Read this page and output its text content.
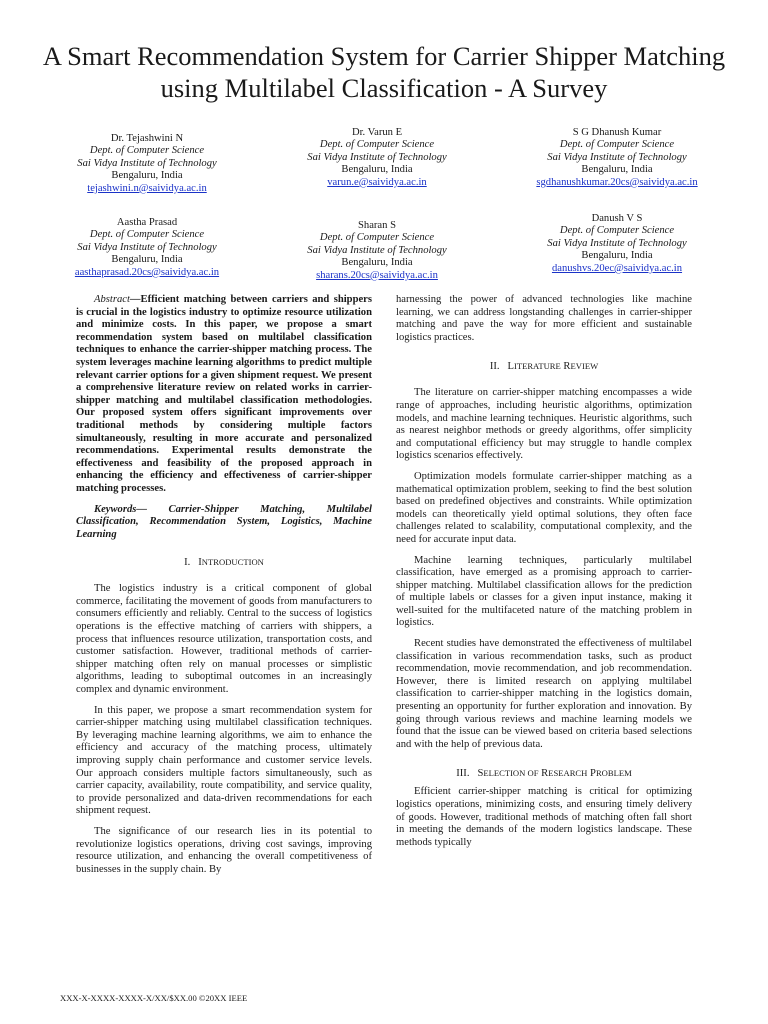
A Smart Recommendation System for Carrier Shipper Matching using Multilabel Classification - A Survey
Dr. Tejashwini N
Dept. of Computer Science
Sai Vidya Institute of Technology
Bengaluru, India
tejashwini.n@saividya.ac.in
Dr. Varun E
Dept. of Computer Science
Sai Vidya Institute of Technology
Bengaluru, India
varun.e@saividya.ac.in
S G Dhanush Kumar
Dept. of Computer Science
Sai Vidya Institute of Technology
Bengaluru, India
sgdhanushkumar.20cs@saividya.ac.in
Aastha Prasad
Dept. of Computer Science
Sai Vidya Institute of Technology
Bengaluru, India
aasthaprasad.20cs@saividya.ac.in
Sharan S
Dept. of Computer Science
Sai Vidya Institute of Technology
Bengaluru, India
sharans.20cs@saividya.ac.in
Danush V S
Dept. of Computer Science
Sai Vidya Institute of Technology
Bengaluru, India
danushvs.20ec@saividya.ac.in

Abstract—Efficient matching between carriers and shippers is crucial in the logistics industry to optimize resource utilization and minimize costs. In this paper, we propose a smart recommendation system based on multilabel classification techniques to enhance the carrier-shipper matching process. The system leverages machine learning algorithms to predict multiple relevant carrier options for a given shipment request. We present a comprehensive literature review on related works in carrier-shipper matching and multilabel classification methodologies. Our proposed system offers significant improvements over traditional methods by considering multiple factors simultaneously, resulting in more accurate and personalized recommendations. Experimental results demonstrate the effectiveness and feasibility of the proposed approach in enhancing the efficiency and effectiveness of carrier-shipper matching processes.

Keywords— Carrier-Shipper Matching, Multilabel Classification, Recommendation System, Logistics, Machine Learning

I. INTRODUCTION

The logistics industry is a critical component of global commerce, facilitating the movement of goods from manufacturers to consumers efficiently and reliably. Central to the success of logistics operations is the effective matching of carriers with shippers, a process that influences resource utilization, transportation costs, and customer satisfaction. However, traditional methods of carrier-shipper matching often rely on manual processes or simplistic algorithms, leading to suboptimal outcomes in an increasingly complex and dynamic environment.

In this paper, we propose a smart recommendation system for carrier-shipper matching using multilabel classification techniques. By leveraging machine learning algorithms, we aim to enhance the efficiency and accuracy of the matching process, ultimately improving supply chain performance and customer service levels. Our approach considers multiple factors simultaneously, such as carrier capacity, availability, route compatibility, and service quality, to provide personalized and data-driven recommendations for each shipment request.

The significance of our research lies in its potential to revolutionize logistics operations, driving cost savings, improving resource utilization, and enhancing the overall competitiveness of businesses in the supply chain. By

harnessing the power of advanced technologies like machine learning, we can address longstanding challenges in carrier-shipper matching and pave the way for more efficient and sustainable logistics practices.

II. LITERATURE REVIEW

The literature on carrier-shipper matching encompasses a wide range of approaches, including heuristic algorithms, optimization models, and machine learning techniques. Heuristic algorithms, such as nearest neighbor methods or greedy algorithms, offer simplicity and computational efficiency but may struggle to handle complex logistics scenarios effectively.

Optimization models formulate carrier-shipper matching as a mathematical optimization problem, seeking to find the best solution based on predefined objectives and constraints. While optimization models can theoretically yield optimal solutions, they often face challenges related to scalability, computational complexity, and the need for accurate input data.

Machine learning techniques, particularly multilabel classification, have emerged as a promising approach to carrier-shipper matching. Multilabel classification allows for the prediction of multiple labels or classes for a given input instance, making it well-suited for the multifaceted nature of the matching problem in logistics.

Recent studies have demonstrated the effectiveness of multilabel classification in various recommendation tasks, such as product recommendation, movie recommendation, and job recommendation. However, there is limited research on applying multilabel classification to carrier-shipper matching in the logistics domain, presenting an opportunity for further exploration and innovation. By going through various reviews and machine learning models we found that the issue can be viewed based on criteria based selections and with the help of previous data.

III. SELECTION OF RESEARCH PROBLEM

Efficient carrier-shipper matching is critical for optimizing logistics operations, minimizing costs, and ensuring timely delivery of goods. However, traditional methods of matching often fall short in meeting the demands of the modern logistics landscape. These methods typically

XXX-X-XXXX-XXXX-X/XX/$XX.00 ©20XX IEEE
